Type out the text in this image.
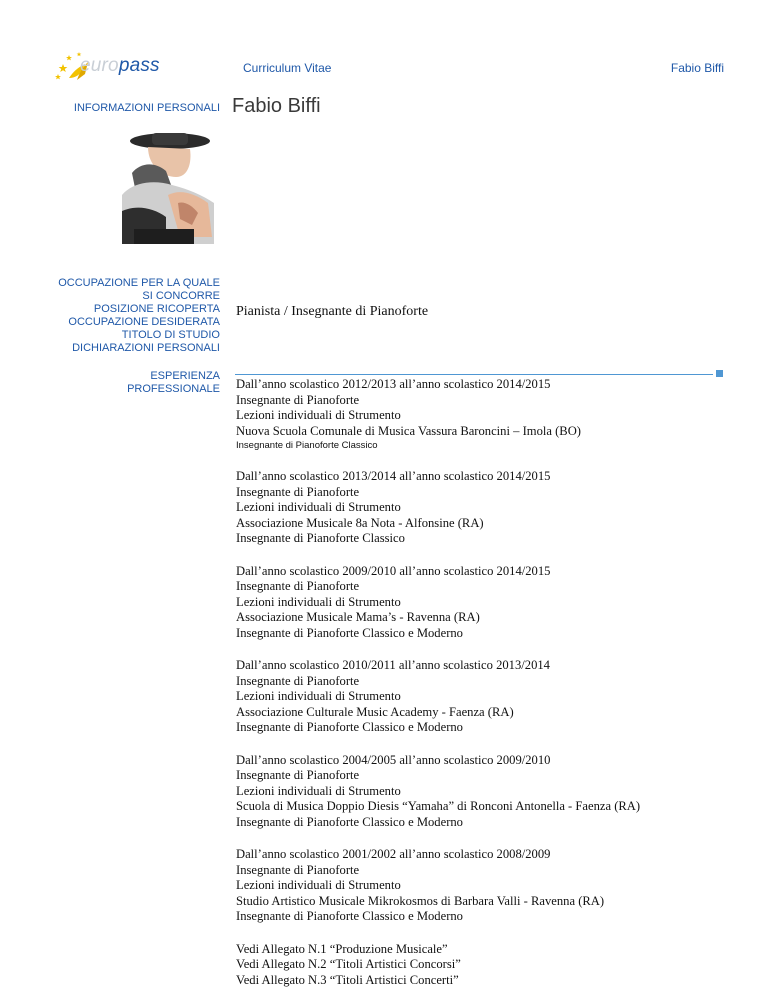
europass	Curriculum Vitae	Fabio Biffi
INFORMAZIONI PERSONALI Fabio Biffi
OCCUPAZIONE PER LA QUALE
SI CONCORRE
POSIZIONE RICOPERTA
OCCUPAZIONE DESIDERATA
TITOLO DI STUDIO
DICHIARAZIONI PERSONALI
Pianista / Insegnante di Pianoforte
ESPERIENZA
PROFESSIONALE Dall’anno scolastico 2012/2013 all’anno scolastico 2014/2015
Insegnante di Pianoforte
Lezioni individuali di Strumento
Nuova Scuola Comunale di Musica Vassura Baroncini – Imola (BO)
Insegnante di Pianoforte Classico
Dall’anno scolastico 2013/2014 all’anno scolastico 2014/2015
Insegnante di Pianoforte
Lezioni individuali di Strumento
Associazione Musicale 8a Nota - Alfonsine (RA)
Insegnante di Pianoforte Classico
Dall’anno scolastico 2009/2010 all’anno scolastico 2014/2015
Insegnante di Pianoforte
Lezioni individuali di Strumento
Associazione Musicale Mama’s - Ravenna (RA)
Insegnante di Pianoforte Classico e Moderno
Dall’anno scolastico 2010/2011 all’anno scolastico 2013/2014
Insegnante di Pianoforte
Lezioni individuali di Strumento
Associazione Culturale Music Academy - Faenza (RA)
Insegnante di Pianoforte Classico e Moderno
Dall’anno scolastico 2004/2005 all’anno scolastico 2009/2010
Insegnante di Pianoforte
Lezioni individuali di Strumento
Scuola di Musica Doppio Diesis “Yamaha” di Ronconi Antonella - Faenza (RA)
Insegnante di Pianoforte Classico e Moderno
Dall’anno scolastico 2001/2002 all’anno scolastico 2008/2009
Insegnante di Pianoforte
Lezioni individuali di Strumento
Studio Artistico Musicale Mikrokosmos di Barbara Valli - Ravenna (RA)
Insegnante di Pianoforte Classico e Moderno
Vedi Allegato N.1 “Produzione Musicale”
Vedi Allegato N.2 “Titoli Artistici Concorsi”
Vedi Allegato N.3 “Titoli Artistici Concerti”
